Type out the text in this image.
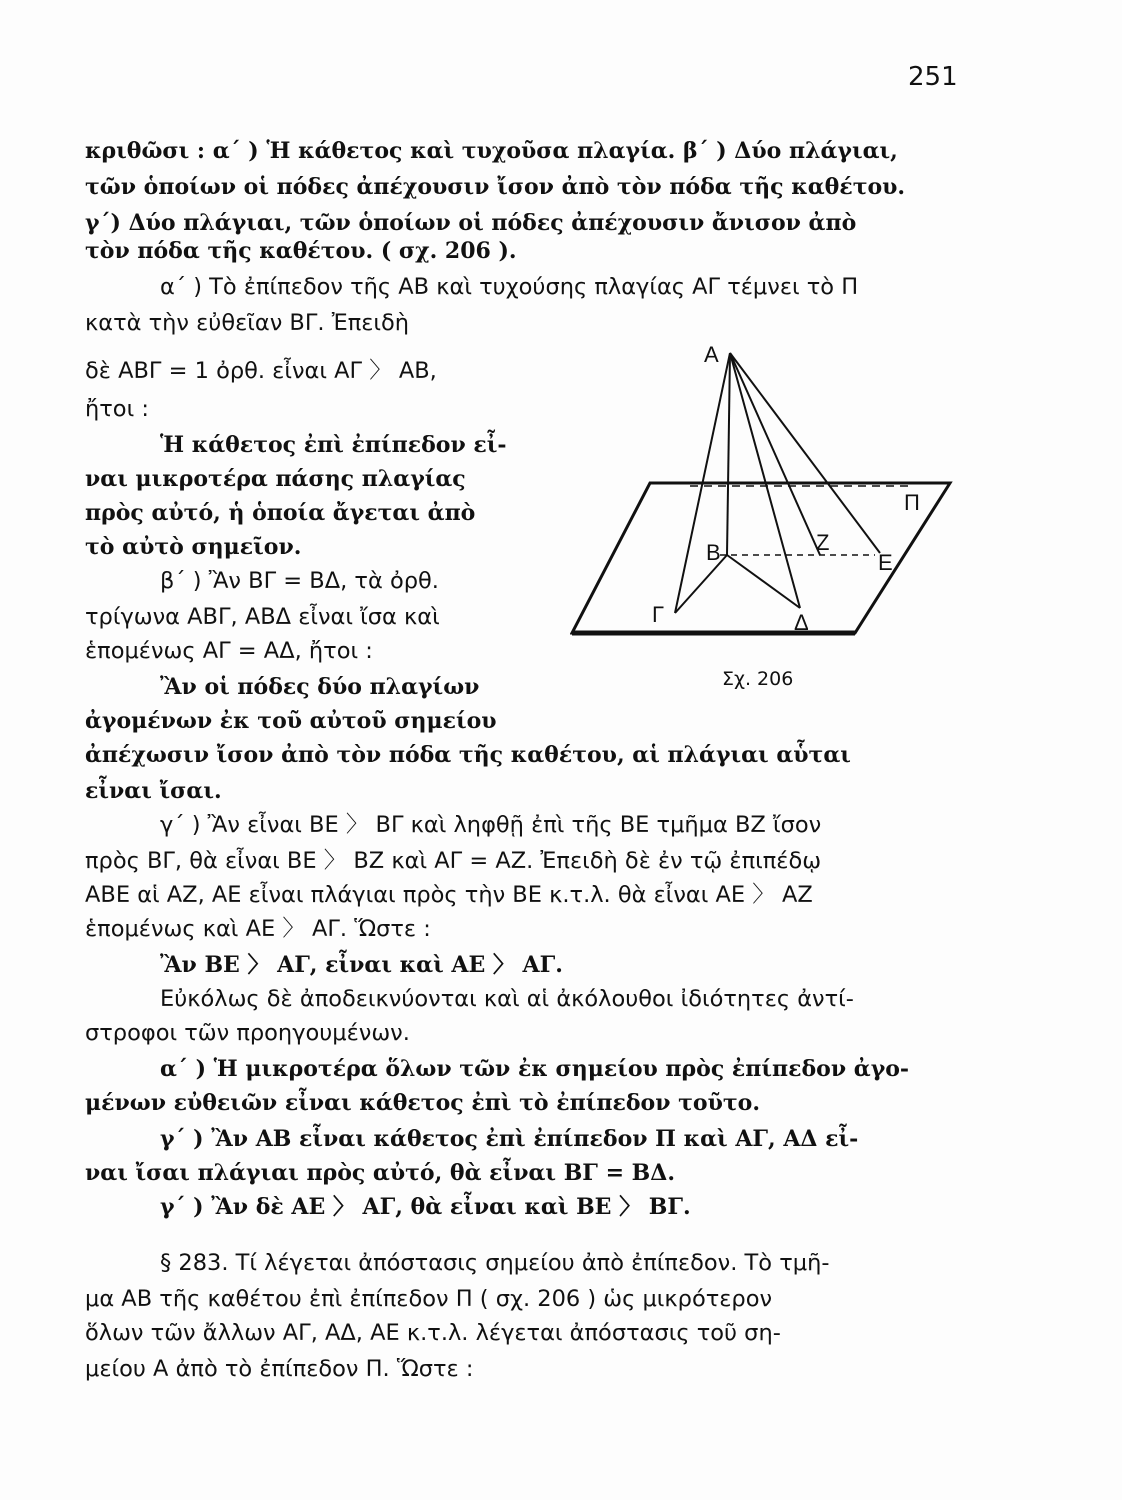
251
κριθῶσι : α΄ ) Ἡ κάθετος καὶ τυχοῦσα πλαγία. β΄ ) Δύο πλάγιαι,
τῶν ὁποίων οἱ πόδες ἀπέχουσιν ἴσον ἀπὸ τὸν πόδα τῆς καθέτου.
γ΄) Δύο πλάγιαι, τῶν ὁποίων οἱ πόδες ἀπέχουσιν ἄνισον ἀπὸ
τὸν πόδα τῆς καθέτου. ( σχ. 206 ).
α΄ ) Τὸ ἐπίπεδον τῆς ΑΒ καὶ τυχούσης πλαγίας ΑΓ τέμνει τὸ Π
κατὰ τὴν εὐθεῖαν ΒΓ. Ἐπειδὴ
δὲ ΑΒΓ = 1 ὀρθ. εἶναι ΑΓ 〉 ΑΒ,
ἤτοι :
Ἡ κάθετος ἐπὶ ἐπίπεδον εἶ-
ναι μικροτέρα πάσης πλαγίας
πρὸς αὐτό, ἡ ὁποία ἄγεται ἀπὸ
τὸ αὐτὸ σημεῖον.
β΄ ) Ἂν ΒΓ = ΒΔ, τὰ ὀρθ.
τρίγωνα ΑΒΓ, ΑΒΔ εἶναι ἴσα καὶ
ἑπομένως ΑΓ = ΑΔ, ἤτοι :
Ἂν οἱ πόδες δύο πλαγίων
ἀγομένων ἐκ τοῦ αὐτοῦ σημείου
ἀπέχωσιν ἴσον ἀπὸ τὸν πόδα τῆς καθέτου, αἱ πλάγιαι αὗται
εἶναι ἴσαι.
γ΄ ) Ἂν εἶναι ΒΕ 〉 ΒΓ καὶ ληφθῇ ἐπὶ τῆς ΒΕ τμῆμα ΒΖ ἴσον
πρὸς ΒΓ, θὰ εἶναι ΒΕ 〉 ΒΖ καὶ ΑΓ = ΑΖ. Ἐπειδὴ δὲ ἐν τῷ ἐπιπέδῳ
ΑΒΕ αἱ ΑΖ, ΑΕ εἶναι πλάγιαι πρὸς τὴν ΒΕ κ.τ.λ. θὰ εἶναι ΑΕ 〉 ΑΖ
ἑπομένως καὶ ΑΕ 〉 ΑΓ. Ὥστε :
Ἂν ΒΕ 〉 ΑΓ, εἶναι καὶ ΑΕ 〉 ΑΓ.
Εὐκόλως δὲ ἀποδεικνύονται καὶ αἱ ἀκόλουθοι ἰδιότητες ἀντί-
στροφοι τῶν προηγουμένων.
α΄ ) Ἡ μικροτέρα ὅλων τῶν ἐκ σημείου πρὸς ἐπίπεδον ἀγο-
μένων εὐθειῶν εἶναι κάθετος ἐπὶ τὸ ἐπίπεδον τοῦτο.
γ΄ ) Ἂν ΑΒ εἶναι κάθετος ἐπὶ ἐπίπεδον Π καὶ ΑΓ, ΑΔ εἶ-
ναι ἴσαι πλάγιαι πρὸς αὐτό, θὰ εἶναι ΒΓ = ΒΔ.
γ΄ ) Ἂν δὲ ΑΕ 〉 ΑΓ, θὰ εἶναι καὶ ΒΕ 〉 ΒΓ.
§ 283. Τί λέγεται ἀπόστασις σημείου ἀπὸ ἐπίπεδον. Τὸ τμῆ-
μα ΑΒ τῆς καθέτου ἐπὶ ἐπίπεδον Π ( σχ. 206 ) ὡς μικρότερον
ὅλων τῶν ἄλλων ΑΓ, ΑΔ, ΑΕ κ.τ.λ. λέγεται ἀπόστασις τοῦ ση-
μείου Α ἀπὸ τὸ ἐπίπεδον Π. Ὥστε :
Α
Β	Ζ
Ε
Γ	Δ
Π
Σχ. 206
